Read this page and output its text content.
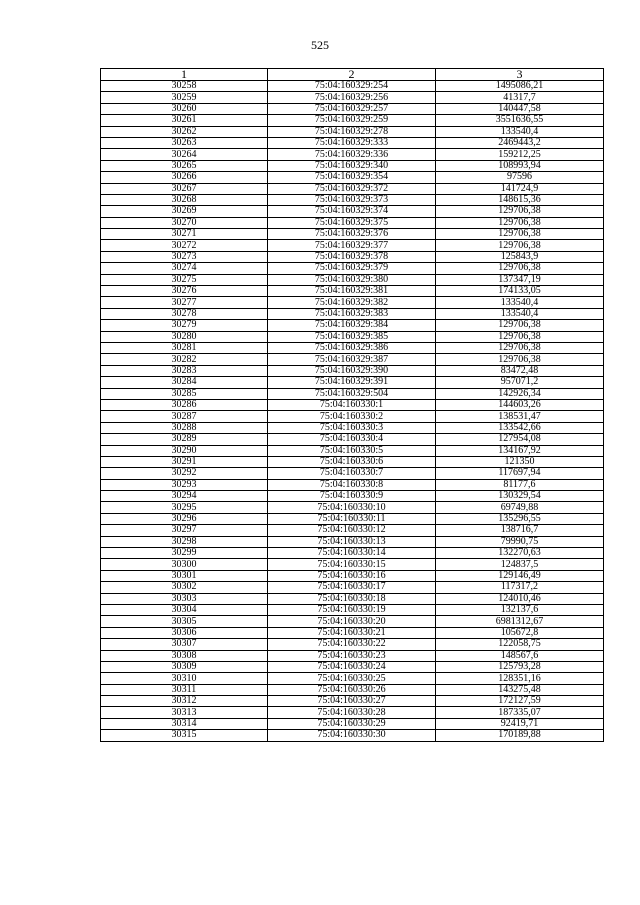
525
1	2	3
30258	75:04:160329:254	1495086,21
30259	75:04:160329:256	41317,7
30260	75:04:160329:257	140447,58
30261	75:04:160329:259	3551636,55
30262	75:04:160329:278	133540,4
30263	75:04:160329:333	2469443,2
30264	75:04:160329:336	159212,25
30265	75:04:160329:340	108993,94
30266	75:04:160329:354	97596
30267	75:04:160329:372	141724,9
30268	75:04:160329:373	148615,36
30269	75:04:160329:374	129706,38
30270	75:04:160329:375	129706,38
30271	75:04:160329:376	129706,38
30272	75:04:160329:377	129706,38
30273	75:04:160329:378	125843,9
30274	75:04:160329:379	129706,38
30275	75:04:160329:380	137347,19
30276	75:04:160329:381	174133,05
30277	75:04:160329:382	133540,4
30278	75:04:160329:383	133540,4
30279	75:04:160329:384	129706,38
30280	75:04:160329:385	129706,38
30281	75:04:160329:386	129706,38
30282	75:04:160329:387	129706,38
30283	75:04:160329:390	83472,48
30284	75:04:160329:391	957071,2
30285	75:04:160329:504	142926,34
30286	75:04:160330:1	144603,26
30287	75:04:160330:2	138531,47
30288	75:04:160330:3	133542,66
30289	75:04:160330:4	127954,08
30290	75:04:160330:5	134167,92
30291	75:04:160330:6	121350
30292	75:04:160330:7	117697,94
30293	75:04:160330:8	81177,6
30294	75:04:160330:9	130329,54
30295	75:04:160330:10	69749,88
30296	75:04:160330:11	135296,55
30297	75:04:160330:12	138716,7
30298	75:04:160330:13	79990,75
30299	75:04:160330:14	132270,63
30300	75:04:160330:15	124837,5
30301	75:04:160330:16	129146,49
30302	75:04:160330:17	117317,2
30303	75:04:160330:18	124010,46
30304	75:04:160330:19	132137,6
30305	75:04:160330:20	6981312,67
30306	75:04:160330:21	105672,8
30307	75:04:160330:22	122058,75
30308	75:04:160330:23	148567,6
30309	75:04:160330:24	125793,28
30310	75:04:160330:25	128351,16
30311	75:04:160330:26	143275,48
30312	75:04:160330:27	172127,59
30313	75:04:160330:28	187335,07
30314	75:04:160330:29	92419,71
30315	75:04:160330:30	170189,88
